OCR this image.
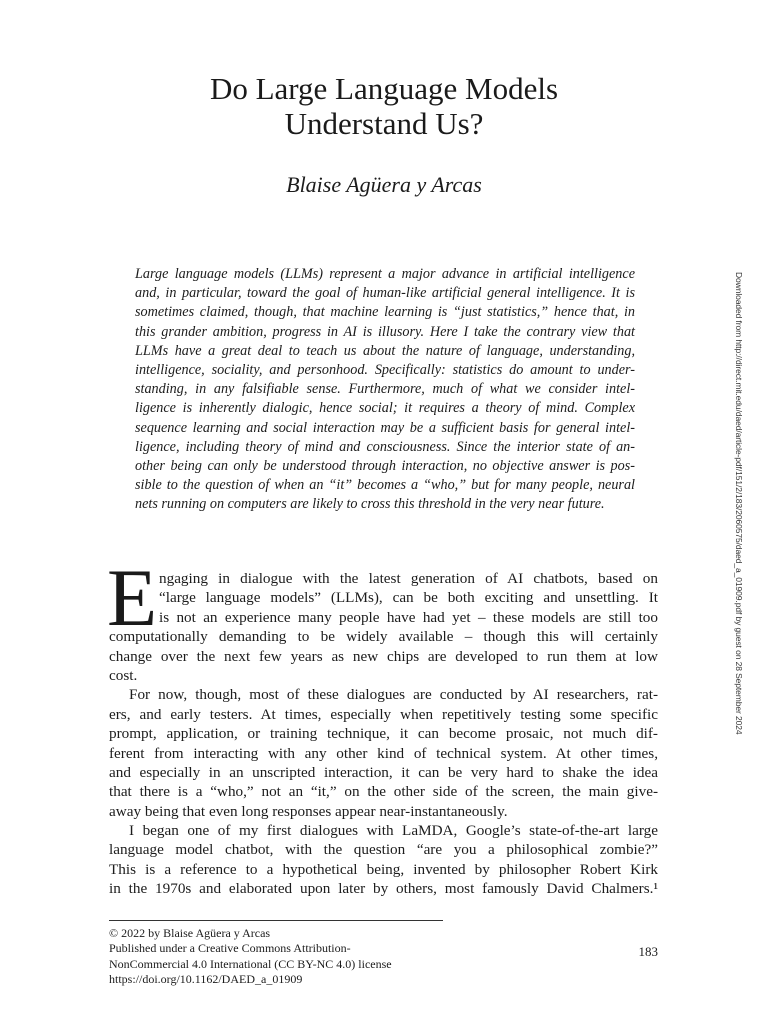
Do Large Language Models
Understand Us?
Blaise Agüera y Arcas
Large language models (LLMs) represent a major advance in artificial intelligence
and, in particular, toward the goal of human-like artificial general intelligence. It is
sometimes claimed, though, that machine learning is “just statistics,” hence that, in
this grander ambition, progress in AI is illusory. Here I take the contrary view that
LLMs have a great deal to teach us about the nature of language, understanding,
intelligence, sociality, and personhood. Specifically: statistics do amount to under-
standing, in any falsifiable sense. Furthermore, much of what we consider intel-
ligence is inherently dialogic, hence social; it requires a theory of mind. Complex
sequence learning and social interaction may be a sufficient basis for general intel-
ligence, including theory of mind and consciousness. Since the interior state of an-
other being can only be understood through interaction, no objective answer is pos-
sible to the question of when an “it” becomes a “who,” but for many people, neural
nets running on computers are likely to cross this threshold in the very near future.	Downloaded from http://direct.mit.edu/daed/article-pdf/151/2/183/2060575/daed_a_01909.pdf by guest on 28 September 2024
E ngaging in dialogue with the latest generation of AI chatbots, based on
“large language models” (LLMs), can be both exciting and unsettling. It
is not an experience many people have had yet – these models are still too
computationally demanding to be widely available – though this will certainly
change over the next few years as new chips are developed to run them at low
cost.
For now, though, most of these dialogues are conducted by AI researchers, rat-
ers, and early testers. At times, especially when repetitively testing some specific
prompt, application, or training technique, it can become prosaic, not much dif-
ferent from interacting with any other kind of technical system. At other times,
and especially in an unscripted interaction, it can be very hard to shake the idea
that there is a “who,” not an “it,” on the other side of the screen, the main give-
away being that even long responses appear near-instantaneously.
I began one of my first dialogues with LaMDA, Google’s state-of-the-art large
language model chatbot, with the question “are you a philosophical zombie?”
This is a reference to a hypothetical being, invented by philosopher Robert Kirk
in the 1970s and elaborated upon later by others, most famously David Chalmers.¹
© 2022 by Blaise Agüera y Arcas
Published under a Creative Commons Attribution-
NonCommercial 4.0 International (CC BY-NC 4.0) license
https://doi.org/10.1162/DAED_a_01909
183
